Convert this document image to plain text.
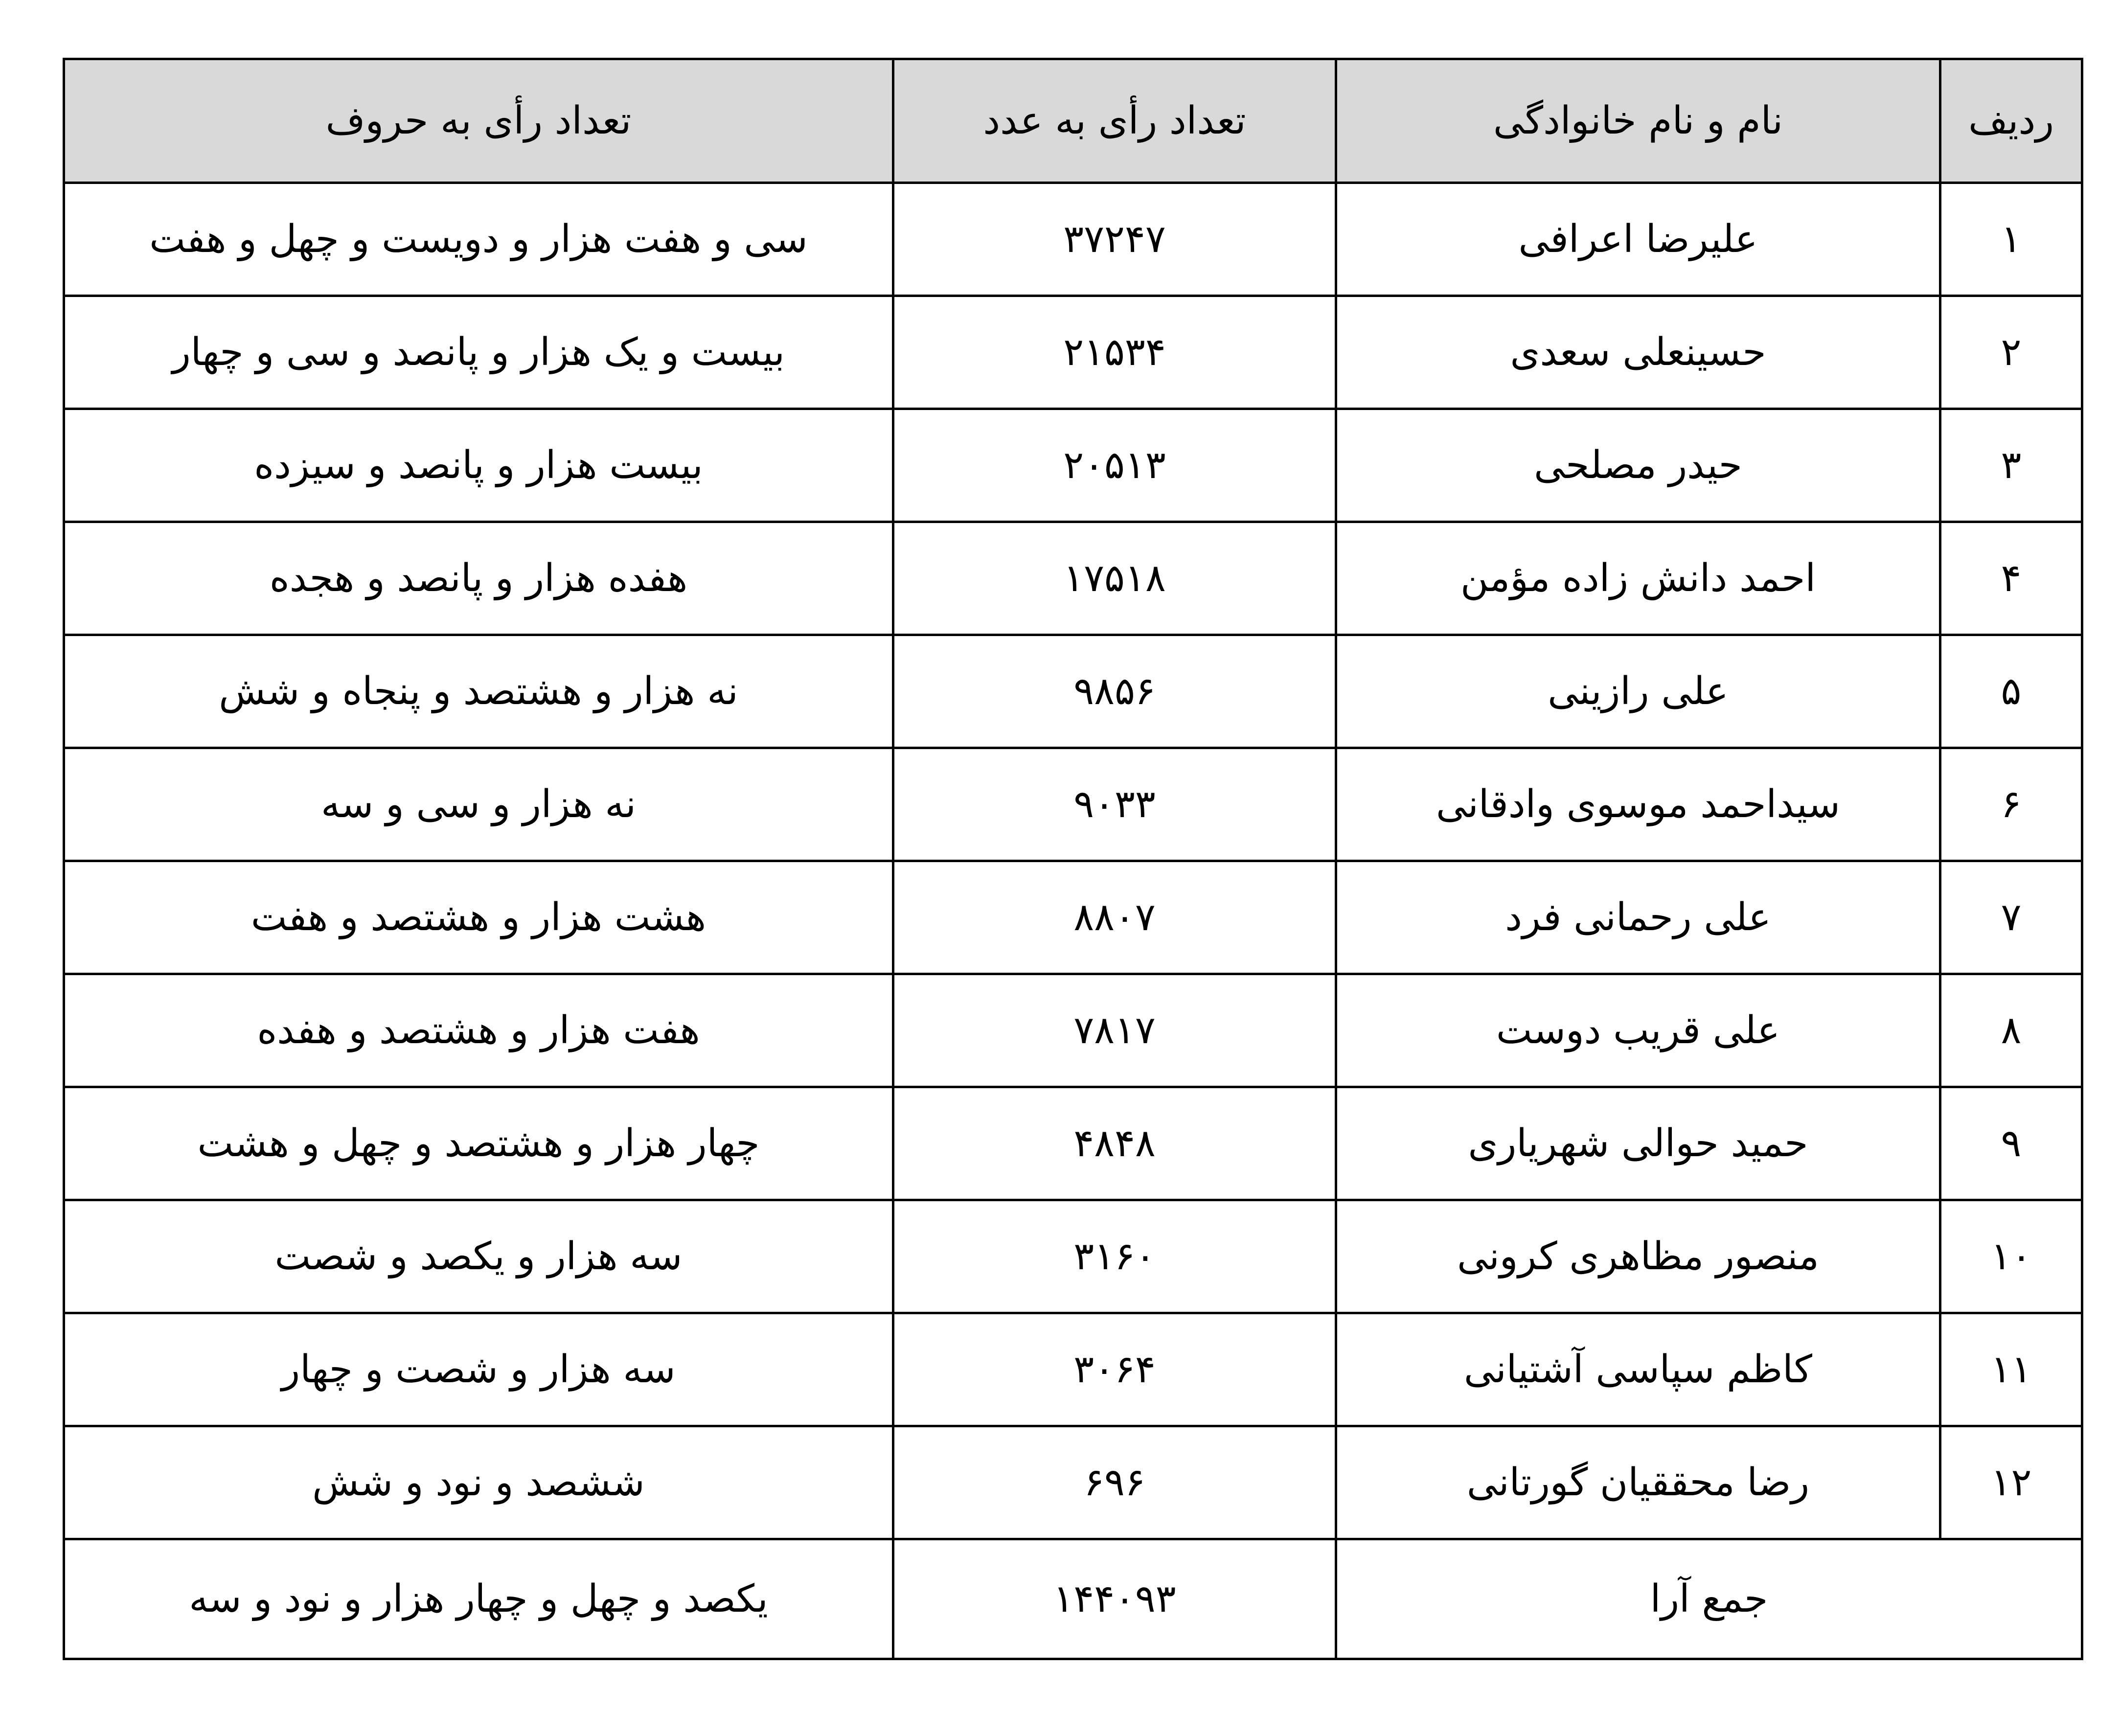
ردیف	نام و نام خانوادگی	تعداد رأی به عدد	تعداد رأی به حروف
۱	علیرضا اعرافی	۳۷۲۴۷	سی و هفت هزار و دویست و چهل و هفت
۲	حسینعلی سعدی	۲۱۵۳۴	بیست و یک هزار و پانصد و سی و چهار
۳	حیدر مصلحی	۲۰۵۱۳	بیست هزار و پانصد و سیزده
۴	احمد دانش زاده مؤمن	۱۷۵۱۸	هفده هزار و پانصد و هجده
۵	علی رازینی	۹۸۵۶	نه هزار و هشتصد و پنجاه و شش
۶	سیداحمد موسوی وادقانی	۹۰۳۳	نه هزار و سی و سه
۷	علی رحمانی فرد	۸۸۰۷	هشت هزار و هشتصد و هفت
۸	علی قریب دوست	۷۸۱۷	هفت هزار و هشتصد و هفده
۹	حمید حوالی شهریاری	۴۸۴۸	چهار هزار و هشتصد و چهل و هشت
۱۰	منصور مظاهری کرونی	۳۱۶۰	سه هزار و یکصد و شصت
۱۱	کاظم سپاسی آشتیانی	۳۰۶۴	سه هزار و شصت و چهار
۱۲	رضا محققیان گورتانی	۶۹۶	ششصد و نود و شش
جمع آرا		۱۴۴۰۹۳	یکصد و چهل و چهار هزار و نود و سه
